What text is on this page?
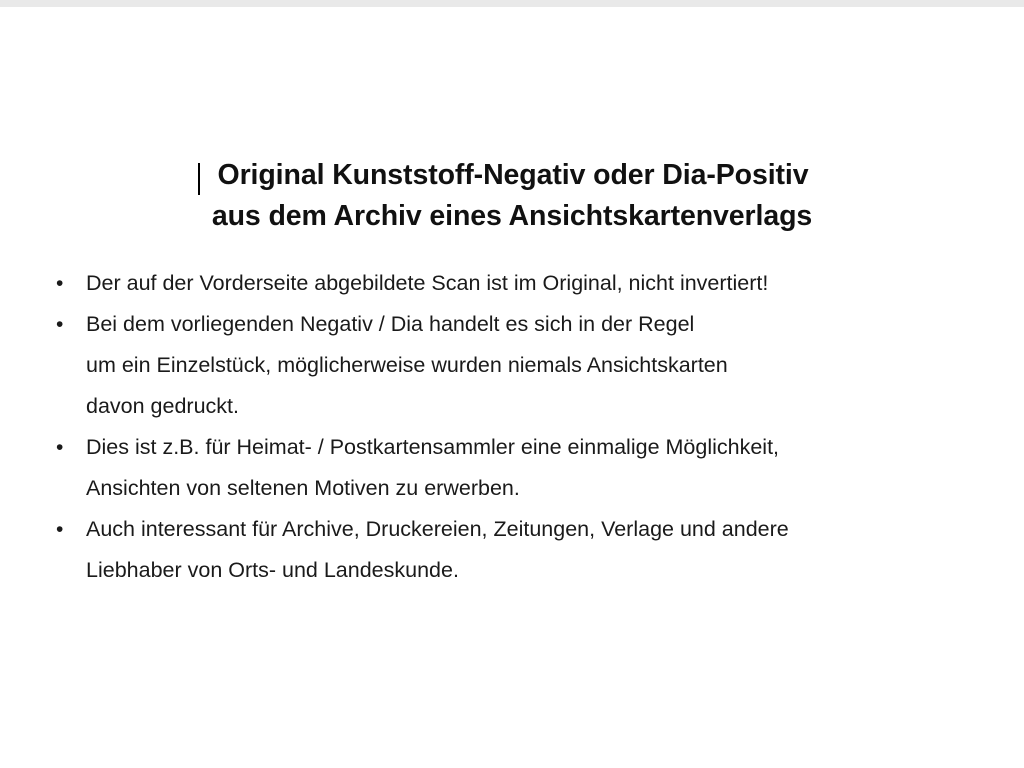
Original Kunststoff-Negativ oder Dia-Positiv
aus dem Archiv eines Ansichtskartenverlags
•	Der auf der Vorderseite abgebildete Scan ist im Original, nicht invertiert!
•	Bei dem vorliegenden Negativ / Dia handelt es sich in der Regel
um ein Einzelstück, möglicherweise wurden niemals Ansichtskarten
davon gedruckt.
•	Dies ist z.B. für Heimat- / Postkartensammler eine einmalige Möglichkeit,
Ansichten von seltenen Motiven zu erwerben.
•	Auch interessant für Archive, Druckereien, Zeitungen, Verlage und andere
Liebhaber von Orts- und Landeskunde.
